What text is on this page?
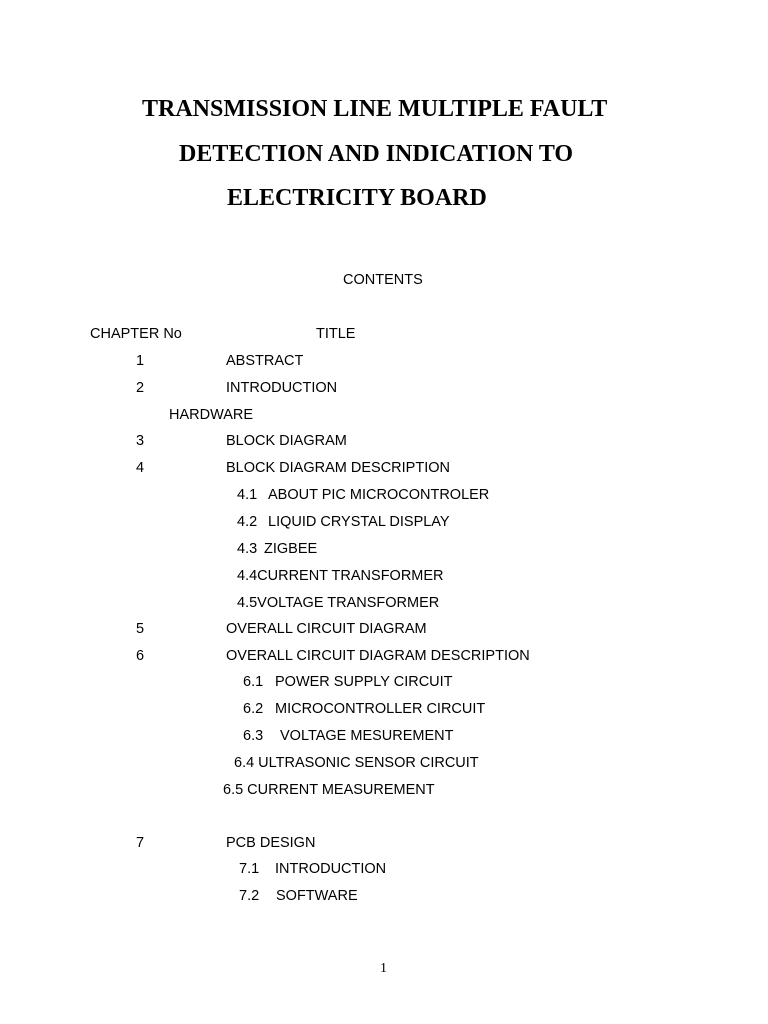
TRANSMISSION LINE MULTIPLE FAULT
DETECTION AND INDICATION TO
ELECTRICITY BOARD
CONTENTS
CHAPTER No	TITLE
1	ABSTRACT
2	INTRODUCTION
HARDWARE
3	BLOCK DIAGRAM
4	BLOCK DIAGRAM DESCRIPTION
4.1 ABOUT PIC MICROCONTROLER
4.2 LIQUID CRYSTAL DISPLAY
4.3 ZIGBEE
4.4CURRENT TRANSFORMER
4.5VOLTAGE TRANSFORMER
5	OVERALL CIRCUIT DIAGRAM
6	OVERALL CIRCUIT DIAGRAM DESCRIPTION
6.1 POWER SUPPLY CIRCUIT
6.2 MICROCONTROLLER CIRCUIT
6.3 VOLTAGE MESUREMENT
6.4 ULTRASONIC SENSOR CIRCUIT
6.5 CURRENT MEASUREMENT
7	PCB DESIGN
7.1 INTRODUCTION
7.2 SOFTWARE
1
